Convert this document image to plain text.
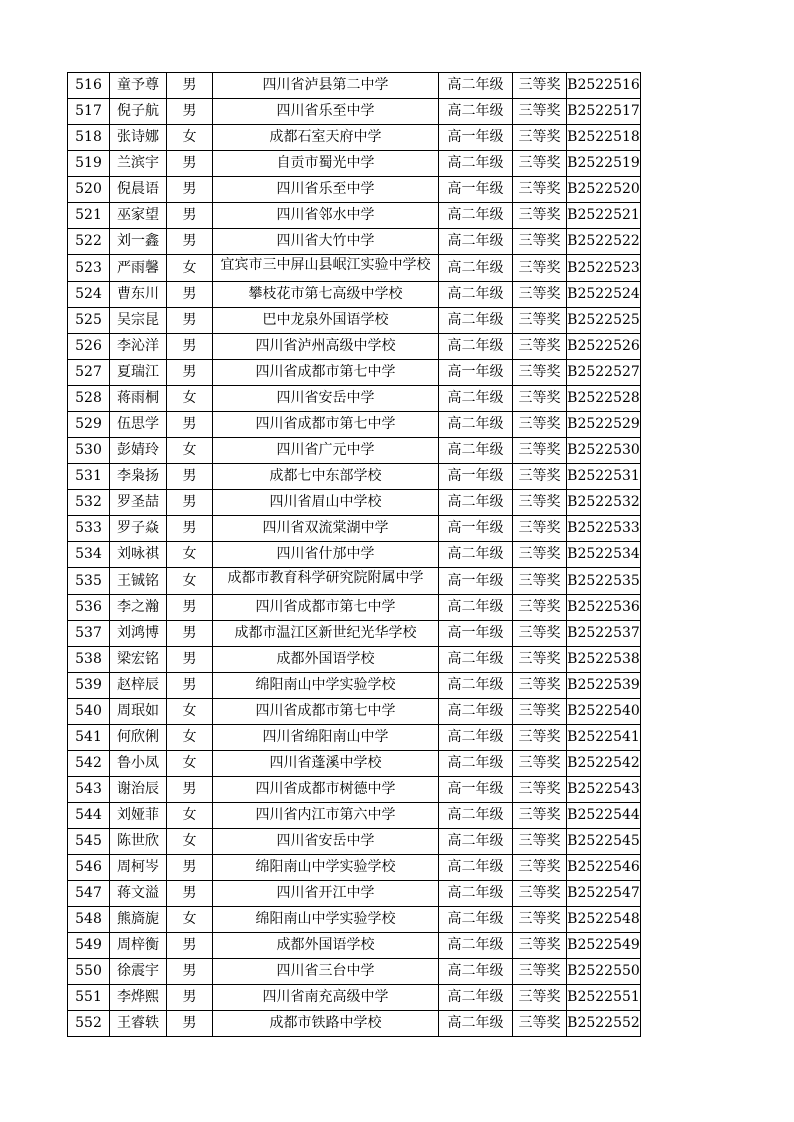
516	童予尊	男	四川省泸县第二中学	高二年级	三等奖	B2522516
517	倪子航	男	四川省乐至中学	高二年级	三等奖	B2522517
518	张诗娜	女	成都石室天府中学	高一年级	三等奖	B2522518
519	兰滨宇	男	自贡市蜀光中学	高二年级	三等奖	B2522519
520	倪晨语	男	四川省乐至中学	高一年级	三等奖	B2522520
521	巫家望	男	四川省邻水中学	高二年级	三等奖	B2522521
522	刘一鑫	男	四川省大竹中学	高二年级	三等奖	B2522522
523	严雨馨	女	宜宾市三中屏山县岷江实验中学校	高二年级	三等奖	B2522523
524	曹东川	男	攀枝花市第七高级中学校	高二年级	三等奖	B2522524
525	吴宗昆	男	巴中龙泉外国语学校	高二年级	三等奖	B2522525
526	李沁洋	男	四川省泸州高级中学校	高二年级	三等奖	B2522526
527	夏瑞江	男	四川省成都市第七中学	高一年级	三等奖	B2522527
528	蒋雨桐	女	四川省安岳中学	高二年级	三等奖	B2522528
529	伍思学	男	四川省成都市第七中学	高二年级	三等奖	B2522529
530	彭婧玲	女	四川省广元中学	高二年级	三等奖	B2522530
531	李枭扬	男	成都七中东部学校	高一年级	三等奖	B2522531
532	罗圣喆	男	四川省眉山中学校	高二年级	三等奖	B2522532
533	罗子焱	男	四川省双流棠湖中学	高一年级	三等奖	B2522533
534	刘咏祺	女	四川省什邡中学	高二年级	三等奖	B2522534
535	王铖铭	女	成都市教育科学研究院附属中学	高一年级	三等奖	B2522535
536	李之瀚	男	四川省成都市第七中学	高二年级	三等奖	B2522536
537	刘鸿博	男	成都市温江区新世纪光华学校	高一年级	三等奖	B2522537
538	梁宏铭	男	成都外国语学校	高二年级	三等奖	B2522538
539	赵梓辰	男	绵阳南山中学实验学校	高二年级	三等奖	B2522539
540	周珉如	女	四川省成都市第七中学	高二年级	三等奖	B2522540
541	何欣俐	女	四川省绵阳南山中学	高二年级	三等奖	B2522541
542	鲁小凤	女	四川省蓬溪中学校	高二年级	三等奖	B2522542
543	谢治辰	男	四川省成都市树德中学	高一年级	三等奖	B2522543
544	刘娅菲	女	四川省内江市第六中学	高二年级	三等奖	B2522544
545	陈世欣	女	四川省安岳中学	高二年级	三等奖	B2522545
546	周柯岑	男	绵阳南山中学实验学校	高二年级	三等奖	B2522546
547	蒋文溢	男	四川省开江中学	高二年级	三等奖	B2522547
548	熊旖旎	女	绵阳南山中学实验学校	高二年级	三等奖	B2522548
549	周梓衡	男	成都外国语学校	高二年级	三等奖	B2522549
550	徐震宇	男	四川省三台中学	高二年级	三等奖	B2522550
551	李烨熙	男	四川省南充高级中学	高二年级	三等奖	B2522551
552	王睿轶	男	成都市铁路中学校	高二年级	三等奖	B2522552
